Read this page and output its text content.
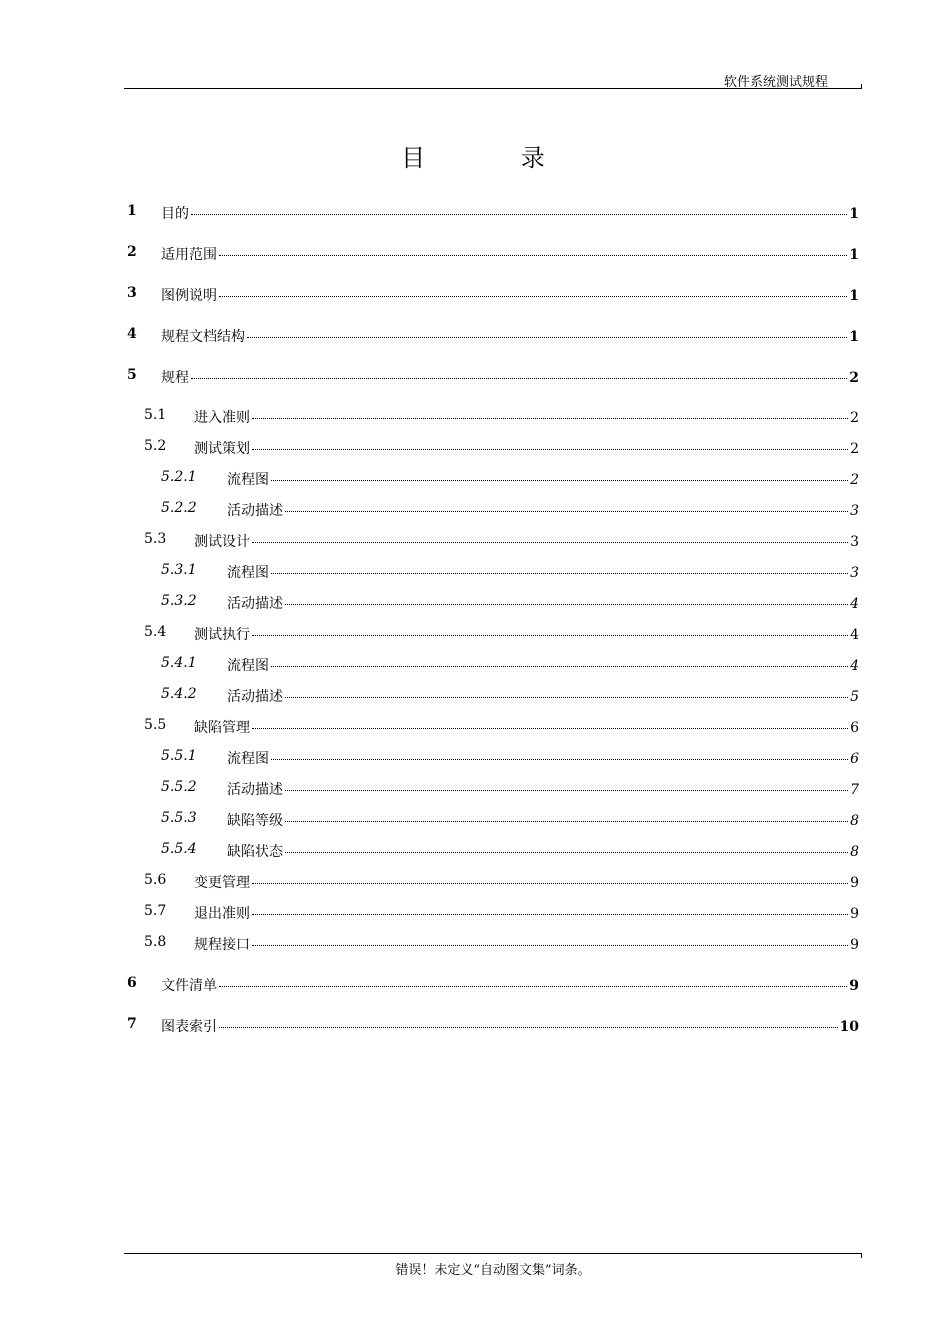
软件系统测试规程
目 录
1 目的	1
2 适用范围	1
3 图例说明	1
4 规程文档结构	1
5 规程	2
5.1 进入准则	2
5.2 测试策划	2
5.2.1 流程图	2
5.2.2 活动描述	3
5.3 测试设计	3
5.3.1 流程图	3
5.3.2 活动描述	4
5.4 测试执行	4
5.4.1 流程图	4
5.4.2 活动描述	5
5.5 缺陷管理	6
5.5.1 流程图	6
5.5.2 活动描述	7
5.5.3 缺陷等级	8
5.5.4 缺陷状态	8
5.6 变更管理	9
5.7 退出准则	9
5.8 规程接口	9
6 文件清单	9
7 图表索引	10
错误！未定义“自动图文集”词条。
